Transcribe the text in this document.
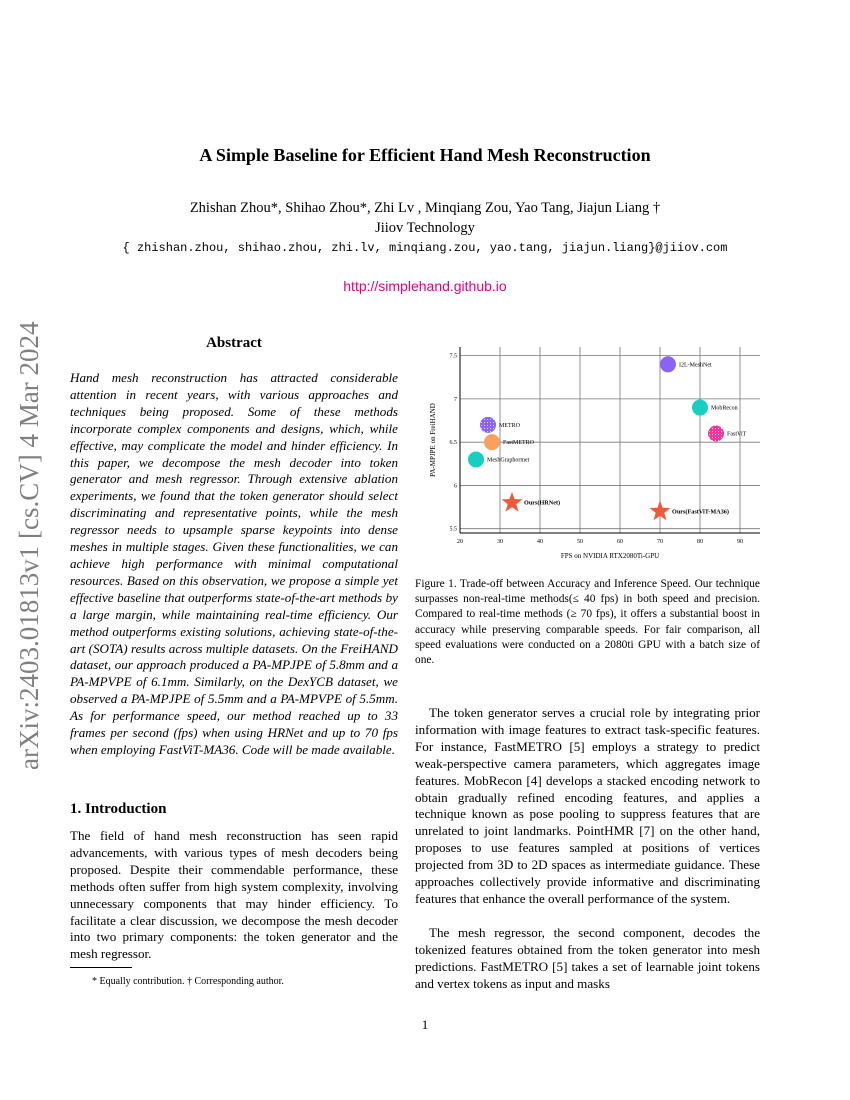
arXiv:2403.01813v1 [cs.CV] 4 Mar 2024
A Simple Baseline for Efficient Hand Mesh Reconstruction
Zhishan Zhou*, Shihao Zhou*, Zhi Lv , Minqiang Zou, Yao Tang, Jiajun Liang †
Jiiov Technology
{ zhishan.zhou, shihao.zhou, zhi.lv, minqiang.zou, yao.tang, jiajun.liang}@jiiov.com
http://simplehand.github.io
Abstract

Hand mesh reconstruction has attracted considerable attention in recent years, with various approaches and techniques being proposed. Some of these methods incorporate complex components and designs, which, while effective, may complicate the model and hinder efficiency. In this paper, we decompose the mesh decoder into token generator and mesh regressor. Through extensive ablation experiments, we found that the token generator should select discriminating and representative points, while the mesh regressor needs to upsample sparse keypoints into dense meshes in multiple stages. Given these functionalities, we can achieve high performance with minimal computational resources. Based on this observation, we propose a simple yet effective baseline that outperforms state-of-the-art methods by a large margin, while maintaining real-time efficiency. Our method outperforms existing solutions, achieving state-of-the-art (SOTA) results across multiple datasets. On the FreiHAND dataset, our approach produced a PA-MPJPE of 5.8mm and a PA-MPVPE of 6.1mm. Similarly, on the DexYCB dataset, we observed a PA-MPJPE of 5.5mm and a PA-MPVPE of 5.5mm. As for performance speed, our method reached up to 33 frames per second (fps) when using HRNet and up to 70 fps when employing FastViT-MA36. Code will be made available.

1. Introduction

The field of hand mesh reconstruction has seen rapid advancements, with various types of mesh decoders being proposed. Despite their commendable performance, these methods often suffer from high system complexity, involving unnecessary components that may hinder efficiency. To facilitate a clear discussion, we decompose the mesh decoder into two primary components: the token generator and the mesh regressor.

* Equally contribution. † Corresponding author.
20	30	40	50	60	70	80	90
5.5
6
6.5
7
7.5
FPS on NVIDIA RTX2080Ti-GPU
PA-MPJPE on FreiHAND
I2L-MeshNet
MobRecon
FastViT
METRO
FastMETRO
MeshGraphormer
Ours(HRNet)
Ours(FastViT-MA36)

Figure 1. Trade-off between Accuracy and Inference Speed. Our technique surpasses non-real-time methods(≤ 40 fps) in both speed and precision. Compared to real-time methods (≥ 70 fps), it offers a substantial boost in accuracy while preserving comparable speeds. For fair comparison, all speed evaluations were conducted on a 2080ti GPU with a batch size of one.

The token generator serves a crucial role by integrating prior information with image features to extract task-specific features. For instance, FastMETRO [5] employs a strategy to predict weak-perspective camera parameters, which aggregates image features. MobRecon [4] develops a stacked encoding network to obtain gradually refined encoding features, and applies a technique known as pose pooling to suppress features that are unrelated to joint landmarks. PointHMR [7] on the other hand, proposes to use features sampled at positions of vertices projected from 3D to 2D spaces as intermediate guidance. These approaches collectively provide informative and discriminating features that enhance the overall performance of the system.

The mesh regressor, the second component, decodes the tokenized features obtained from the token generator into mesh predictions. FastMETRO [5] takes a set of learnable joint tokens and vertex tokens as input and masks

1
